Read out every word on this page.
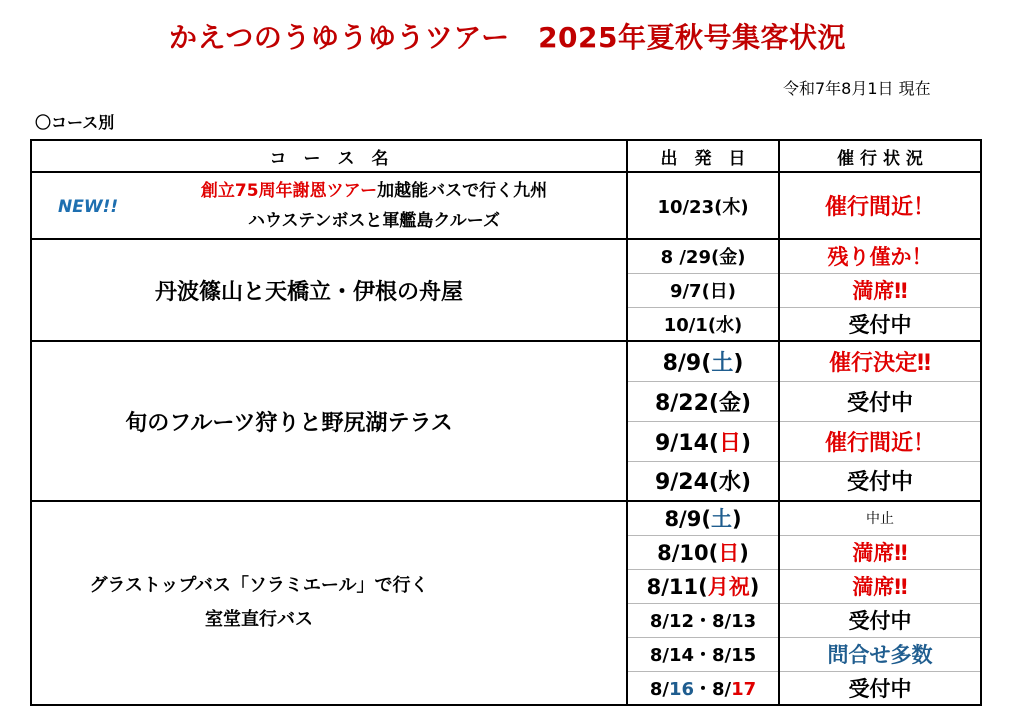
かえつのうゆうゆうツアー　2025年夏秋号集客状況
令和7年8月1日 現在
〇コース別
コ　ー　ス　名	出　発　日	催 行 状 況

NEW!!
創立75周年謝恩ツアー加越能バスで行く九州
ハウステンボスと軍艦島クルーズ	10/23(木)	催行間近！
丹波篠山と天橋立・伊根の舟屋	8 /29(金)	残り僅か！
	9/7(日)	満席‼
	10/1(水)	受付中
旬のフルーツ狩りと野尻湖テラス	8/9(土)	催行決定‼
	8/22(金)	受付中
	9/14(日)	催行間近！
	9/24(水)	受付中
グラストップバス「ソラミエール」で行く
室堂直行バス	8/9(土)	中止
	8/10(日)	満席‼
	8/11(月祝)	満席‼
	8/12・8/13	受付中
	8/14・8/15	問合せ多数
	8/16・8/17	受付中
